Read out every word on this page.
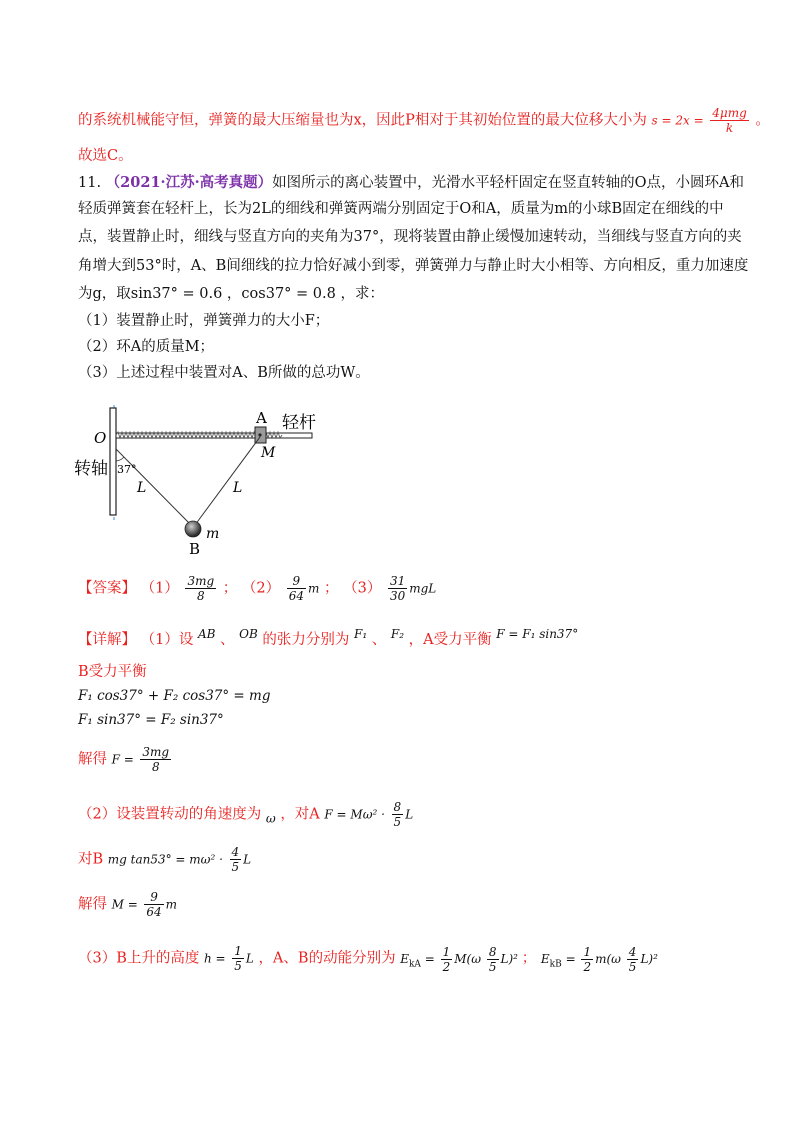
的系统机械能守恒，弹簧的最大压缩量也为x，因此P相对于其初始位置的最大位移大小为 $s = 2x = \frac{\text{4μmg}}{k}$ 。
故选C。
11. （2021·江苏·高考真题）如图所示的离心装置中，光滑水平轻杆固定在竖直转轴的O点，小圆环A和
轻质弹簧套在轻杆上，长为2L的细线和弹簧两端分别固定于O和A，质量为m的小球B固定在细线的中
点，装置静止时，细线与竖直方向的夹角为37°，现将装置由静止缓慢加速转动，当细线与竖直方向的夹
角增大到53°时，A、B间细线的拉力恰好减小到零，弹簧弹力与静止时大小相等、方向相反，重力加速度
为g，取sin37° = 0.6 ，cos37° = 0.8 ，求：
（1）装置静止时，弹簧弹力的大小F；
（2）环A的质量M；
（3）上述过程中装置对A、B所做的总功W。
A 轻杆
O
M
转轴 37°
L	L
m
B
【答案】 $(1) \frac{3mg}{8}$ ； $(2) \frac{9}{64}$ m ； $(3) \frac{31}{30}$ mgL
【详解】 （1）设 $^{AB}$ 、 $^{OB}$ 的张力分别为 $^{F_1}$ 、 $^{F_2}$ ，A受力平衡 $^{F = F_1 sin37^\circ}$
B受力平衡
F₁ cos37° + F₂ cos37° = mg
F₁ sin37° = F₂ sin37°
解得 $F = \frac{3mg}{8}$
（2）设装置转动的角速度为 $_\omega$ ，对A $F = M\omega^2 \cdot \frac{8}{5}$ L
对B mg $\tan 53^\circ = m\omega^2 \cdot \frac{4}{5}$ L
解得 $M = \frac{9}{64}$ m
（3）B上升的高度 $h = \frac{1}{5}$ L ，A、B的动能分别为 $E_{kA} = \frac{1}{2} M(\omega \frac{8}{5} L)^2$ ； $E_{kB} = \frac{1}{2} m(\omega \frac{4}{5} L)^2$
